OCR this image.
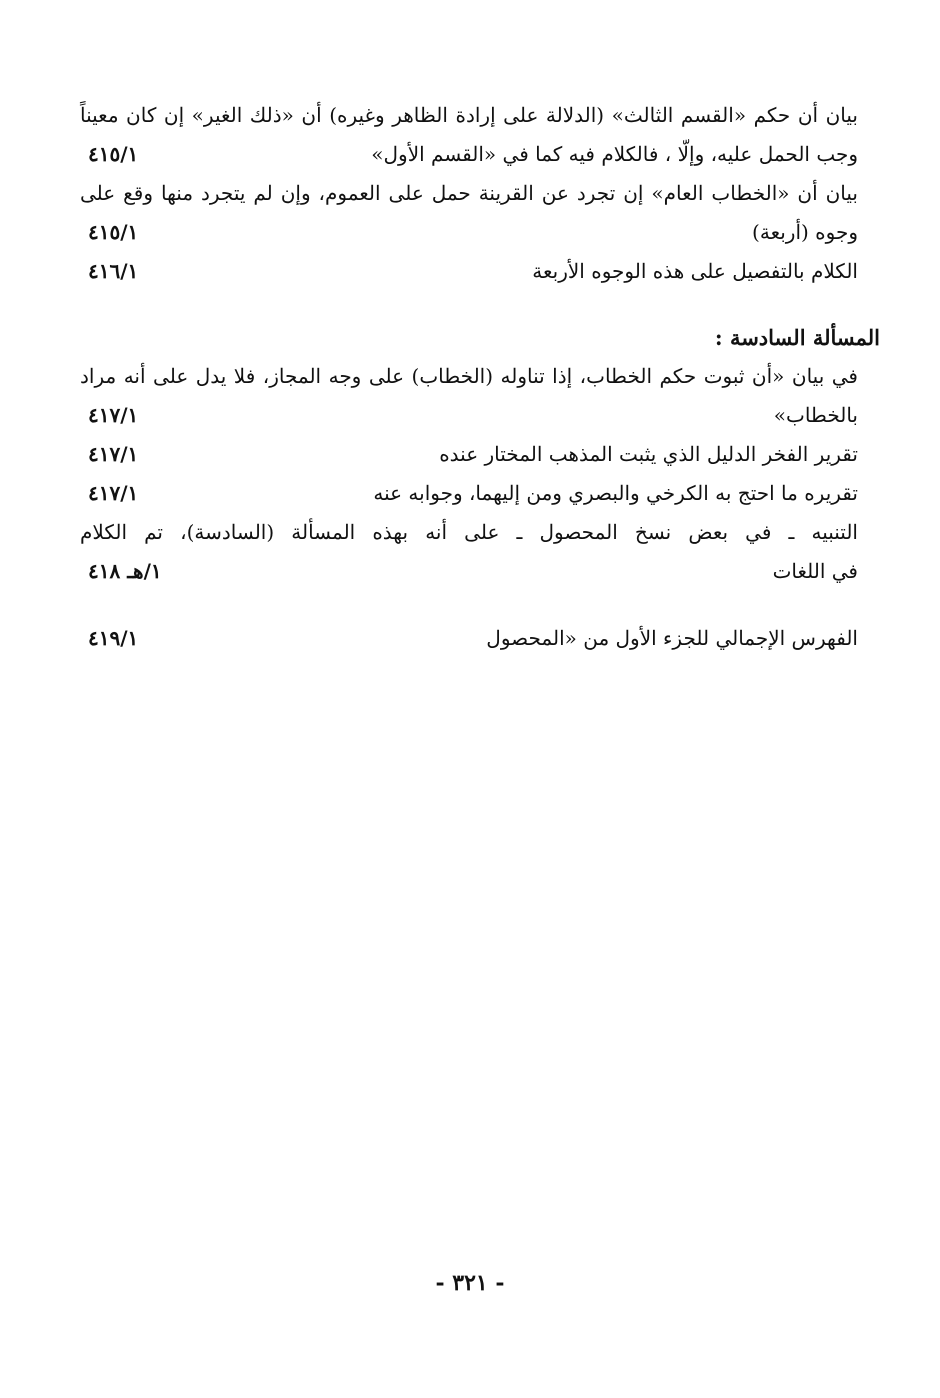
بيان أن حكم «القسم الثالث» (الدلالة على إرادة الظاهر وغيره) أن «ذلك الغير» إن كان معيناً
وجب الحمل عليه، وإلّا ، فالكلام فيه كما في «القسم الأول»
٤١٥/١
بيان أن «الخطاب العام» إن تجرد عن القرينة حمل على العموم، وإن لم يتجرد منها وقع على
وجوه (أربعة)
٤١٥/١
الكلام بالتفصيل على هذه الوجوه الأربعة
٤١٦/١
المسألة السادسة :
في بيان «أن ثبوت حكم الخطاب، إذا تناوله (الخطاب) على وجه المجاز، فلا يدل على أنه مراد
بالخطاب»
٤١٧/١
تقرير الفخر الدليل الذي يثبت المذهب المختار عنده
٤١٧/١
تقريره ما احتج به الكرخي والبصري ومن إليهما، وجوابه عنه
٤١٧/١
التنبيه ـ في بعض نسخ المحصول ـ على أنه بهذه المسألة (السادسة)، تم الكلام
في اللغات
١/هـ ٤١٨
الفهرس الإجمالي للجزء الأول من «المحصول
٤١٩/١
- ٣٢١ -
